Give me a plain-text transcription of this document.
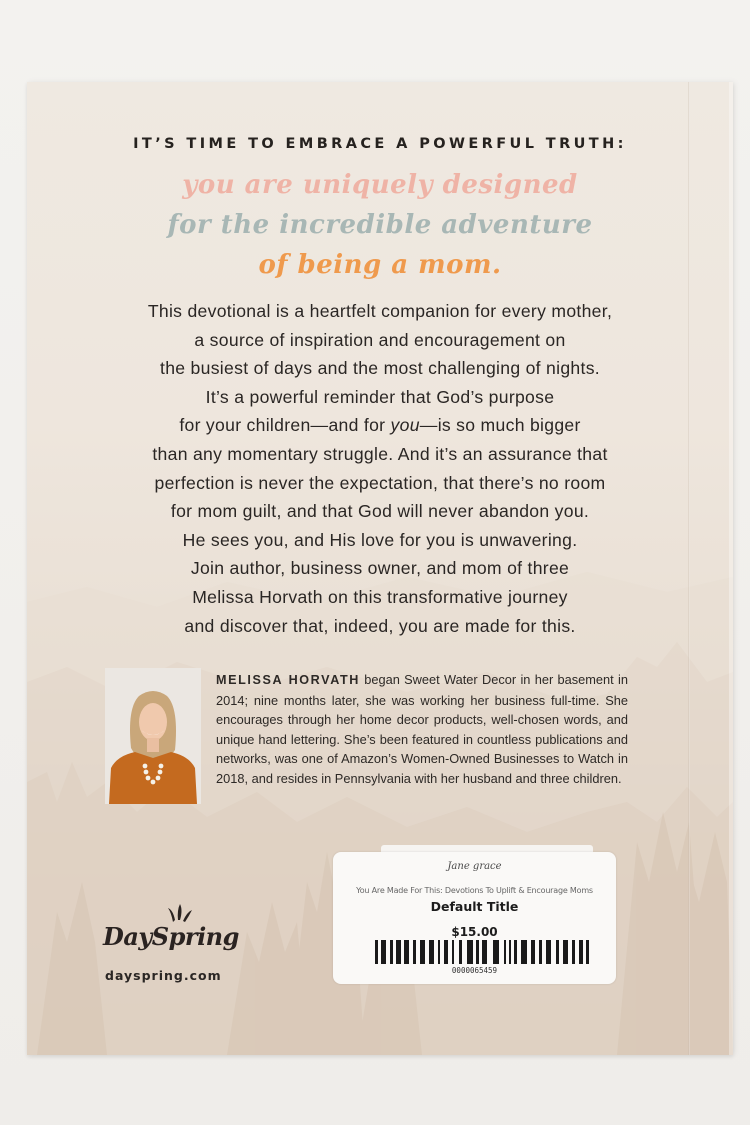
IT’S TIME TO EMBRACE A POWERFUL TRUTH:
you are uniquely designed
for the incredible adventure
of being a mom.
This devotional is a heartfelt companion for every mother,
a source of inspiration and encouragement on
the busiest of days and the most challenging of nights.
It’s a powerful reminder that God’s purpose
for your children—and for you—is so much bigger
than any momentary struggle. And it’s an assurance that
perfection is never the expectation, that there’s no room
for mom guilt, and that God will never abandon you.
He sees you, and His love for you is unwavering.
Join author, business owner, and mom of three
Melissa Horvath on this transformative journey
and discover that, indeed, you are made for this.
MELISSA HORVATH began Sweet Water Decor in her basement in 2014; nine months later, she was working her business full-time. She encourages through her home decor products, well-chosen words, and unique hand lettering. She’s been featured in countless publications and networks, was one of Amazon’s Women-Owned Businesses to Watch in 2018, and resides in Pennsylvania with her husband and three children.
DaySpring
dayspring.com
Jane grace
You Are Made For This: Devotions To Uplift & Encourage Moms
Default Title
$15.00
0000065459
